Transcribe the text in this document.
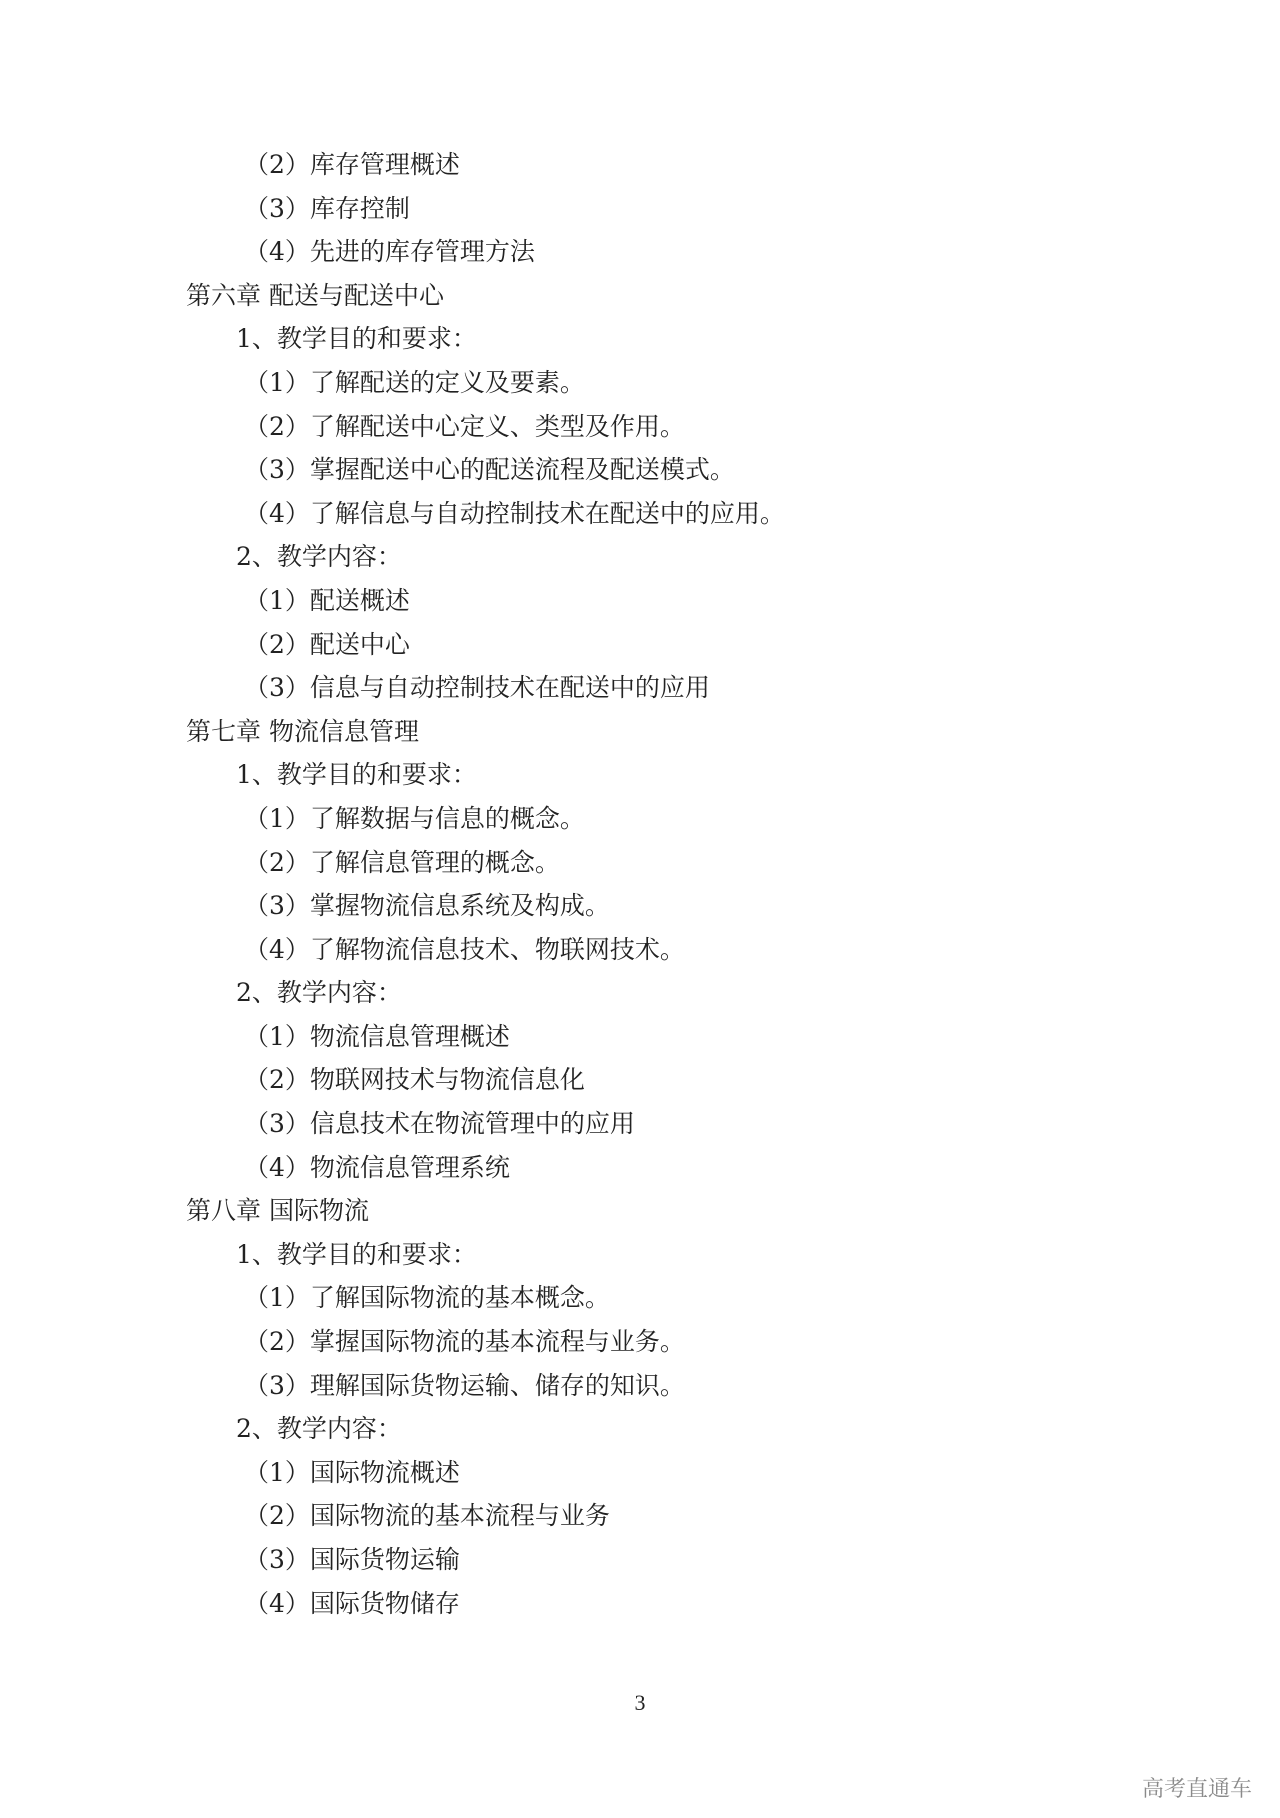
（2）库存管理概述
（3）库存控制
（4）先进的库存管理方法
第六章 配送与配送中心
1、教学目的和要求：
（1）了解配送的定义及要素。
（2）了解配送中心定义、类型及作用。
（3）掌握配送中心的配送流程及配送模式。
（4）了解信息与自动控制技术在配送中的应用。
2、教学内容：
（1）配送概述
（2）配送中心
（3）信息与自动控制技术在配送中的应用
第七章 物流信息管理
1、教学目的和要求：
（1）了解数据与信息的概念。
（2）了解信息管理的概念。
（3）掌握物流信息系统及构成。
（4）了解物流信息技术、物联网技术。
2、教学内容：
（1）物流信息管理概述
（2）物联网技术与物流信息化
（3）信息技术在物流管理中的应用
（4）物流信息管理系统
第八章 国际物流
1、教学目的和要求：
（1）了解国际物流的基本概念。
（2）掌握国际物流的基本流程与业务。
（3）理解国际货物运输、储存的知识。
2、教学内容：
（1）国际物流概述
（2）国际物流的基本流程与业务
（3）国际货物运输
（4）国际货物储存
3
高考直通车
